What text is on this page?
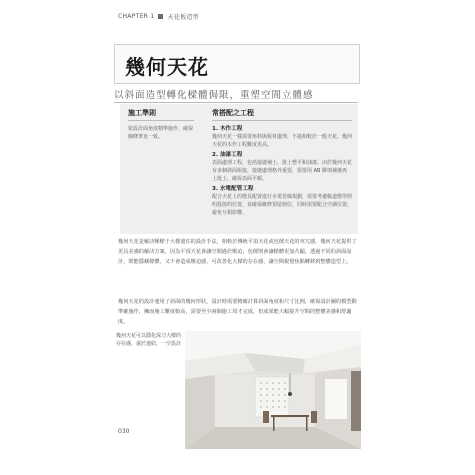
CHAPTER 1 天花板造型
幾何天花
以斜面造型轉化樑體侷限，重塑空間立體感
施工準則
依設計面角度精準施作，確保線條筆直一致。
常搭配之工程
1. 木作工程
幾何天花一樣需要角料與板材處理，不過相較於一般天花，幾何天花的木作工程難度更高。
2. 油漆工程
表面處理工程，包括接縫補土、批土整平和油漆。由於幾何天花有多個斜面組接，接縫處理格外重要，需要用 AB 膠填補後再上批土，確保表面平順。
3. 水電配管工程
配合天花上的燈具配置進行水電管線規劃，需要考慮軌道燈等照明投射的位置，並確保維修預留到位，同時需要配合空調位置，避免互相影響。

幾何天花是解決壓樑于大樑遮住的設計手法，相較於傳統平頂天花或包樑天花的突兀感，幾何天花提供了更具美感的解決方案，因為平頂天花會讓空間過於壓迫，包樑則會讓樑體更加凸顯，透過不同的斜面設計，既能隱藏樑體，又不會造成壓迫感，可改善化大樑的存在感，讓空間視覺焦點轉移到整體造型上。

幾何天花的設計運用了斜面的幾何形狀，設計時需要精確計算斜面角度和尺寸比例，確保設計圖的模型動準確施作，擁而施工難度較高，需要至少兩個施工周才完成，但成果能大幅提升空間的整體美感和舒適度。

幾何天花可以隱化深刀大樑的存在感，還於連結，一空設計
030
